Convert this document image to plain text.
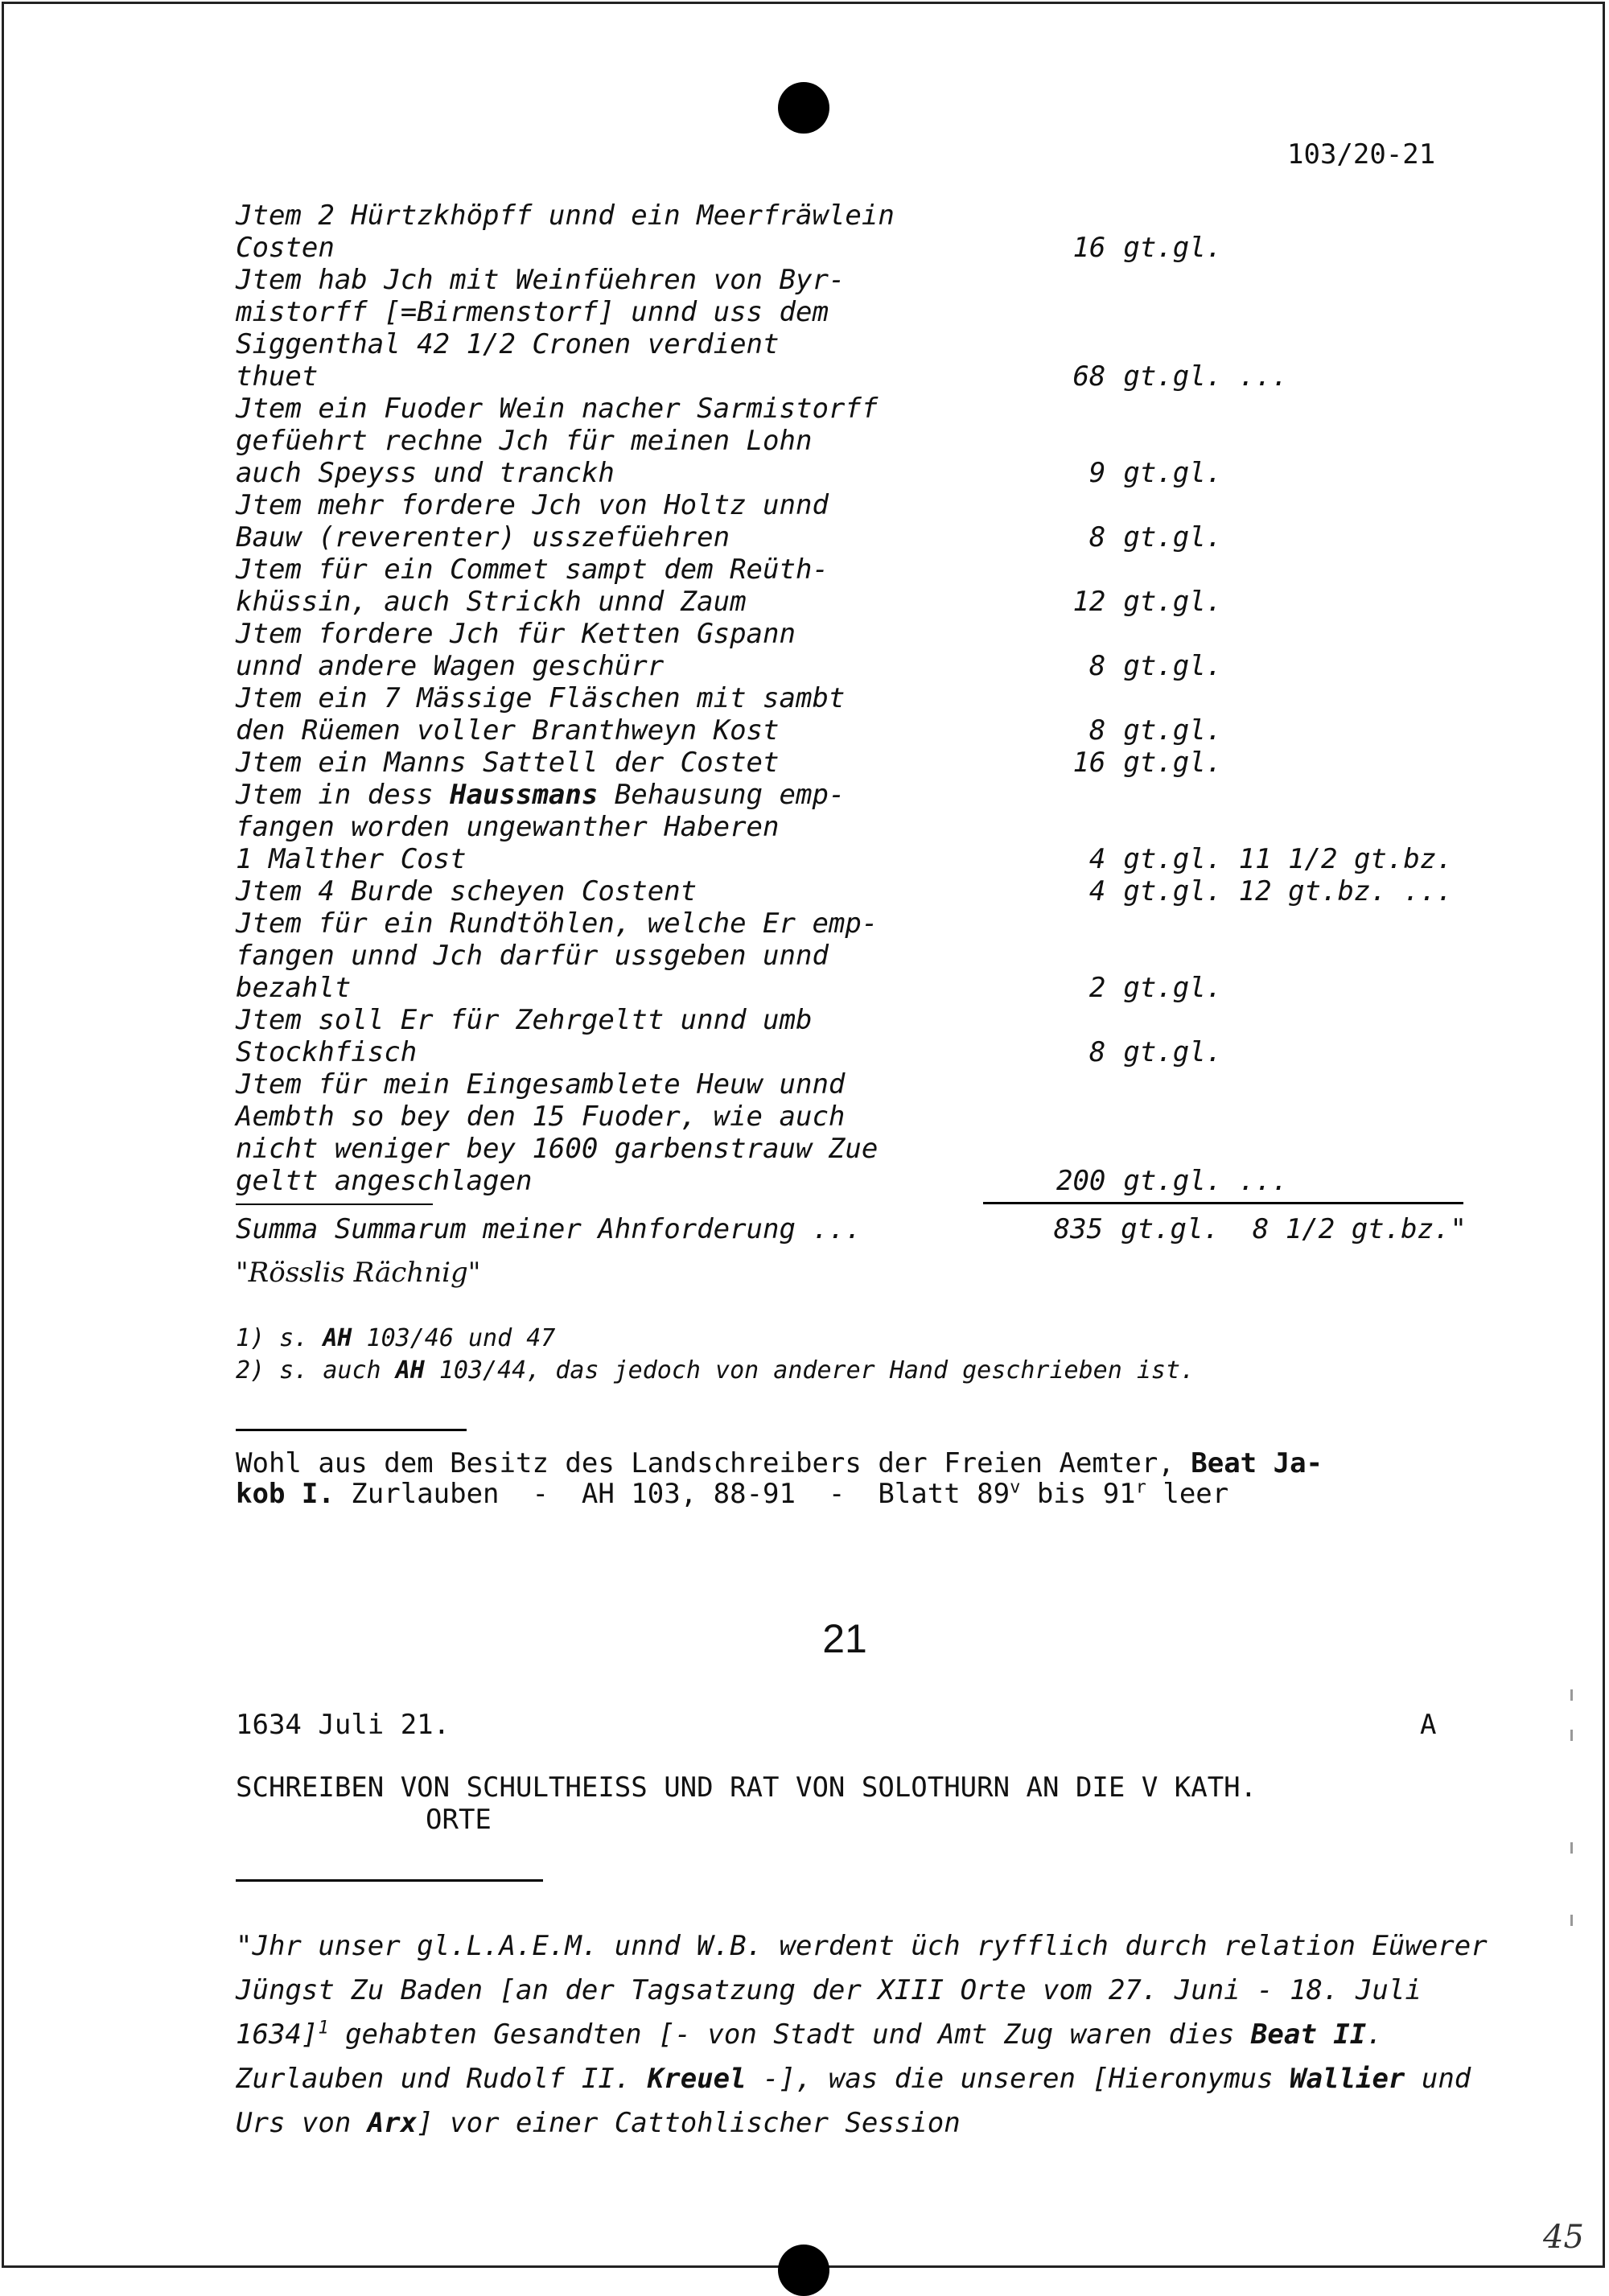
103/20-21
Jtem 2 Hürtzkhöpff unnd ein Meerfräwlein
Costen	16 gt.gl.
Jtem hab Jch mit Weinfüehren von Byr-
mistorff [=Birmenstorf] unnd uss dem
Siggenthal 42 1/2 Cronen verdient
thuet	68 gt.gl. ...
Jtem ein Fuoder Wein nacher Sarmistorff
gefüehrt rechne Jch für meinen Lohn
auch Speyss und tranckh	9 gt.gl.
Jtem mehr fordere Jch von Holtz unnd
Bauw (reverenter) usszefüehren	8 gt.gl.
Jtem für ein Commet sampt dem Reüth-
khüssin, auch Strickh unnd Zaum	12 gt.gl.
Jtem fordere Jch für Ketten Gspann
unnd andere Wagen geschürr	8 gt.gl.
Jtem ein 7 Mässige Fläschen mit sambt
den Rüemen voller Branthweyn Kost	8 gt.gl.
Jtem ein Manns Sattell der Costet	16 gt.gl.
Jtem in dess Haussmans Behausung emp-
fangen worden ungewanther Haberen
1 Malther Cost	4 gt.gl. 11 1/2 gt.bz.
Jtem 4 Burde scheyen Costent	4 gt.gl. 12 gt.bz. ...
Jtem für ein Rundtöhlen, welche Er emp-
fangen unnd Jch darfür ussgeben unnd
bezahlt	2 gt.gl.
Jtem soll Er für Zehrgeltt unnd umb
Stockhfisch	8 gt.gl.
Jtem für mein Eingesamblete Heuw unnd
Aembth so bey den 15 Fuoder, wie auch
nicht weniger bey 1600 garbenstrauw Zue
geltt angeschlagen	200 gt.gl. ...
Summa Summarum meiner Ahnforderung ...	835 gt.gl.  8 1/2 gt.bz."
"Rösslis Rächnig"
1) s. AH 103/46 und 47
2) s. auch AH 103/44, das jedoch von anderer Hand geschrieben ist.
Wohl aus dem Besitz des Landschreibers der Freien Aemter, Beat Ja-
kob I. Zurlauben  -  AH 103, 88-91  -  Blatt 89$^v$ bis 91$^r$ leer
21
1634 Juli 21.	A
SCHREIBEN VON SCHULTHEISS UND RAT VON SOLOTHURN AN DIE V KATH.
ORTE
"Jhr unser gl.L.A.E.M. unnd W.B. werdent üch ryfflich durch relation Eüwerer Jüngst Zu Baden [an der Tagsatzung der XIII Orte vom 27. Juni - 18. Juli 1634]$^1$ gehabten Gesandten [- von Stadt und Amt Zug waren dies Beat II. Zurlauben und Rudolf II. Kreuel -], was die unseren [Hieronymus Wallier und Urs von Arx] vor einer Cattohlischer Session
45
